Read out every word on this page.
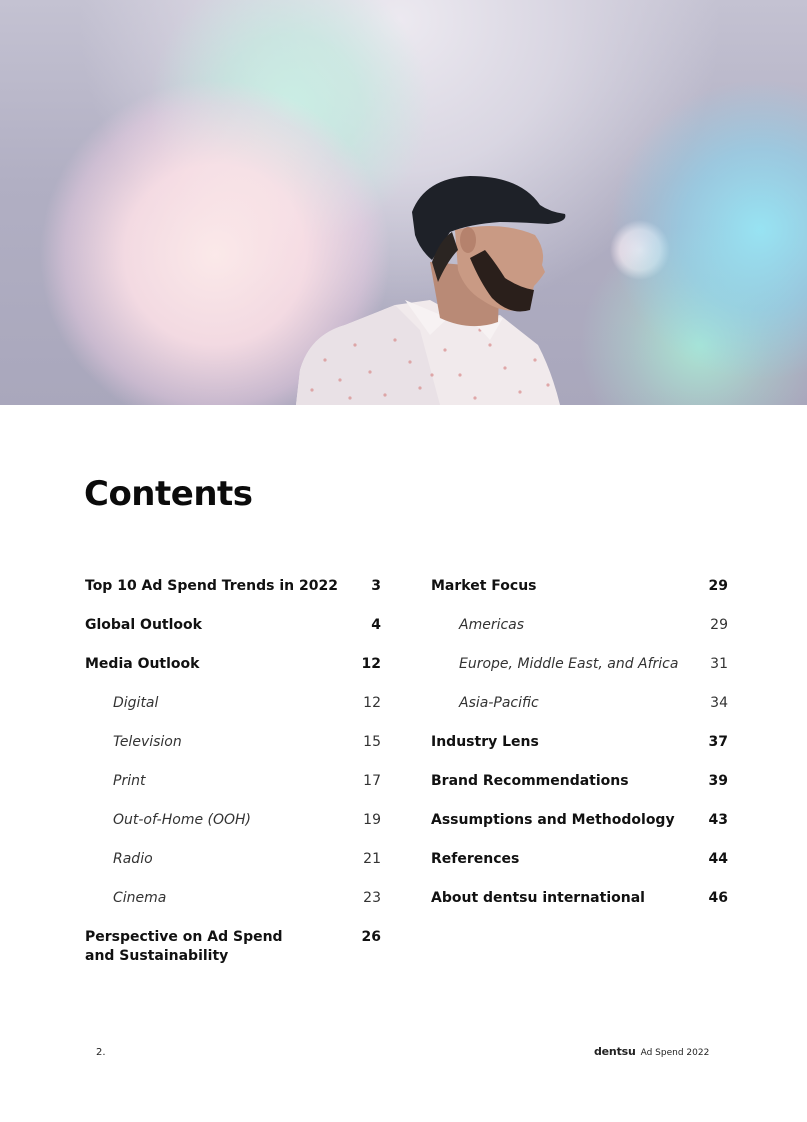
Contents
Top 10 Ad Spend Trends in 2022 3
Global Outlook	4
Media Outlook	12
Digital	12
Television	15
Print	17
Out-of-Home (OOH)	19
Radio	21
Cinema	23
Perspective on Ad Spend
and Sustainability
26
Market Focus	29
Americas	29
Europe, Middle East, and Africa 31
Asia-Pacific	34
Industry Lens	37
Brand Recommendations	39
Assumptions and Methodology 43
References	44
About dentsu international	46
2.	dentsu Ad Spend 2022
